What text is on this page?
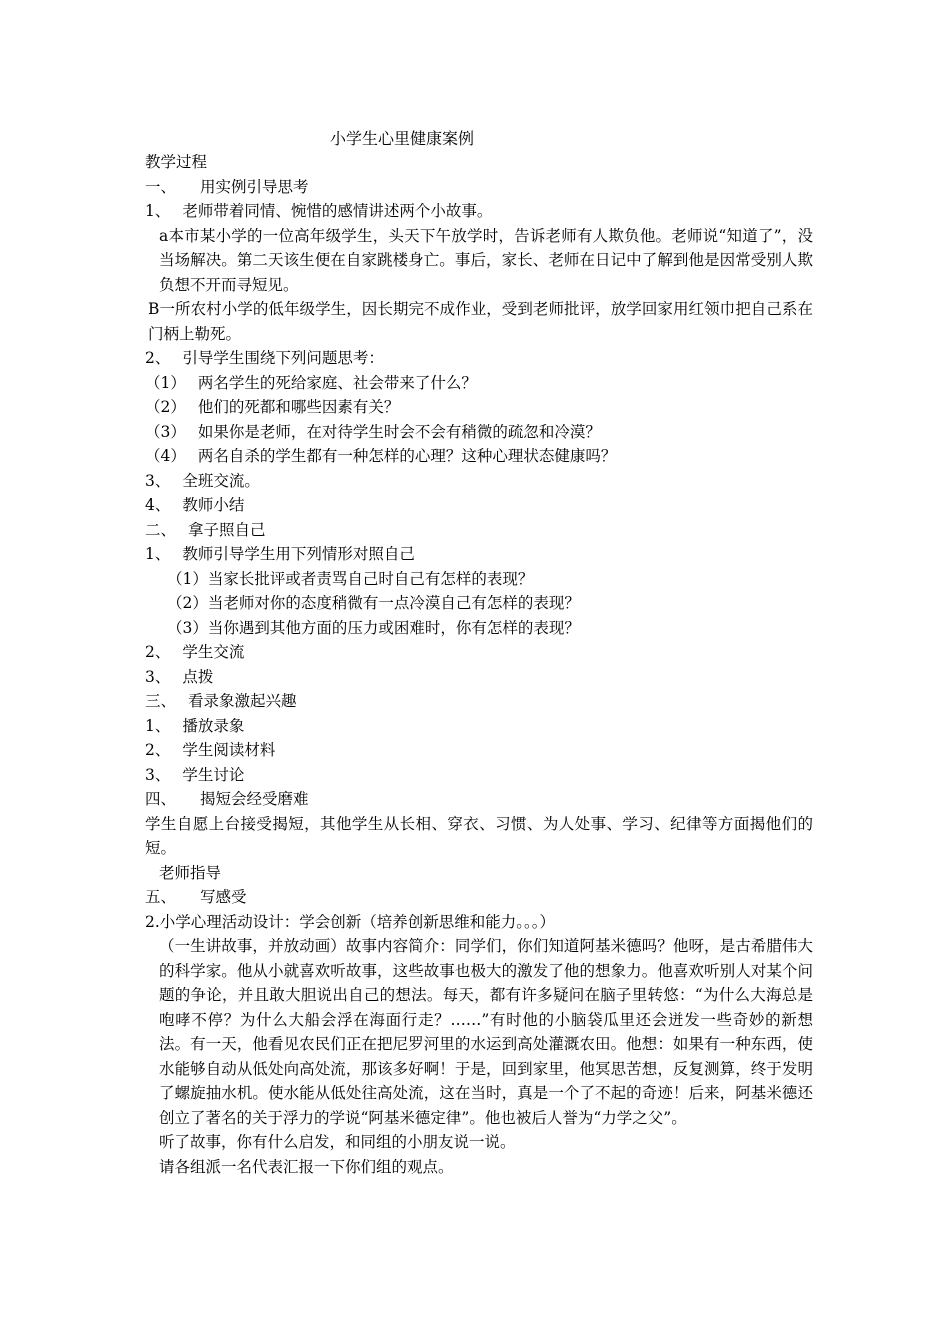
小学生心里健康案例

教学过程

一、 用实例引导思考

1、 老师带着同情、惋惜的感情讲述两个小故事。

a本市某小学的一位高年级学生，头天下午放学时，告诉老师有人欺负他。老师说“知道了”，没当场解决。第二天该生便在自家跳楼身亡。事后，家长、老师在日记中了解到他是因常受别人欺负想不开而寻短见。

B一所农村小学的低年级学生，因长期完不成作业，受到老师批评，放学回家用红领巾把自己系在门柄上勒死。

2、 引导学生围绕下列问题思考：

（1） 两名学生的死给家庭、社会带来了什么？

（2） 他们的死都和哪些因素有关？

（3） 如果你是老师，在对待学生时会不会有稍微的疏忽和冷漠？

（4） 两名自杀的学生都有一种怎样的心理？这种心理状态健康吗？

3、 全班交流。

4、 教师小结

二、 拿子照自己

1、 教师引导学生用下列情形对照自己

（1）当家长批评或者责骂自己时自己有怎样的表现？

（2）当老师对你的态度稍微有一点冷漠自己有怎样的表现？

（3）当你遇到其他方面的压力或困难时，你有怎样的表现？

2、 学生交流

3、 点拨

三、 看录象激起兴趣

1、 播放录象

2、 学生阅读材料

3、 学生讨论

四、 揭短会经受磨难

学生自愿上台接受揭短，其他学生从长相、穿衣、习惯、为人处事、学习、纪律等方面揭他们的短。

老师指导

五、 写感受

2.小学心理活动设计：学会创新（培养创新思维和能力。。。）

（一生讲故事，并放动画）故事内容简介：同学们，你们知道阿基米德吗？他呀，是古希腊伟大的科学家。他从小就喜欢听故事，这些故事也极大的激发了他的想象力。他喜欢听别人对某个问题的争论，并且敢大胆说出自己的想法。每天，都有许多疑问在脑子里转悠：“为什么大海总是咆哮不停？为什么大船会浮在海面行走？……”有时他的小脑袋瓜里还会迸发一些奇妙的新想法。有一天，他看见农民们正在把尼罗河里的水运到高处灌溉农田。他想：如果有一种东西，使水能够自动从低处向高处流，那该多好啊！于是，回到家里，他冥思苦想，反复测算，终于发明了螺旋抽水机。使水能从低处往高处流，这在当时，真是一个了不起的奇迹！后来，阿基米德还创立了著名的关于浮力的学说“阿基米德定律”。他也被后人誉为“力学之父”。

听了故事，你有什么启发，和同组的小朋友说一说。

请各组派一名代表汇报一下你们组的观点。
